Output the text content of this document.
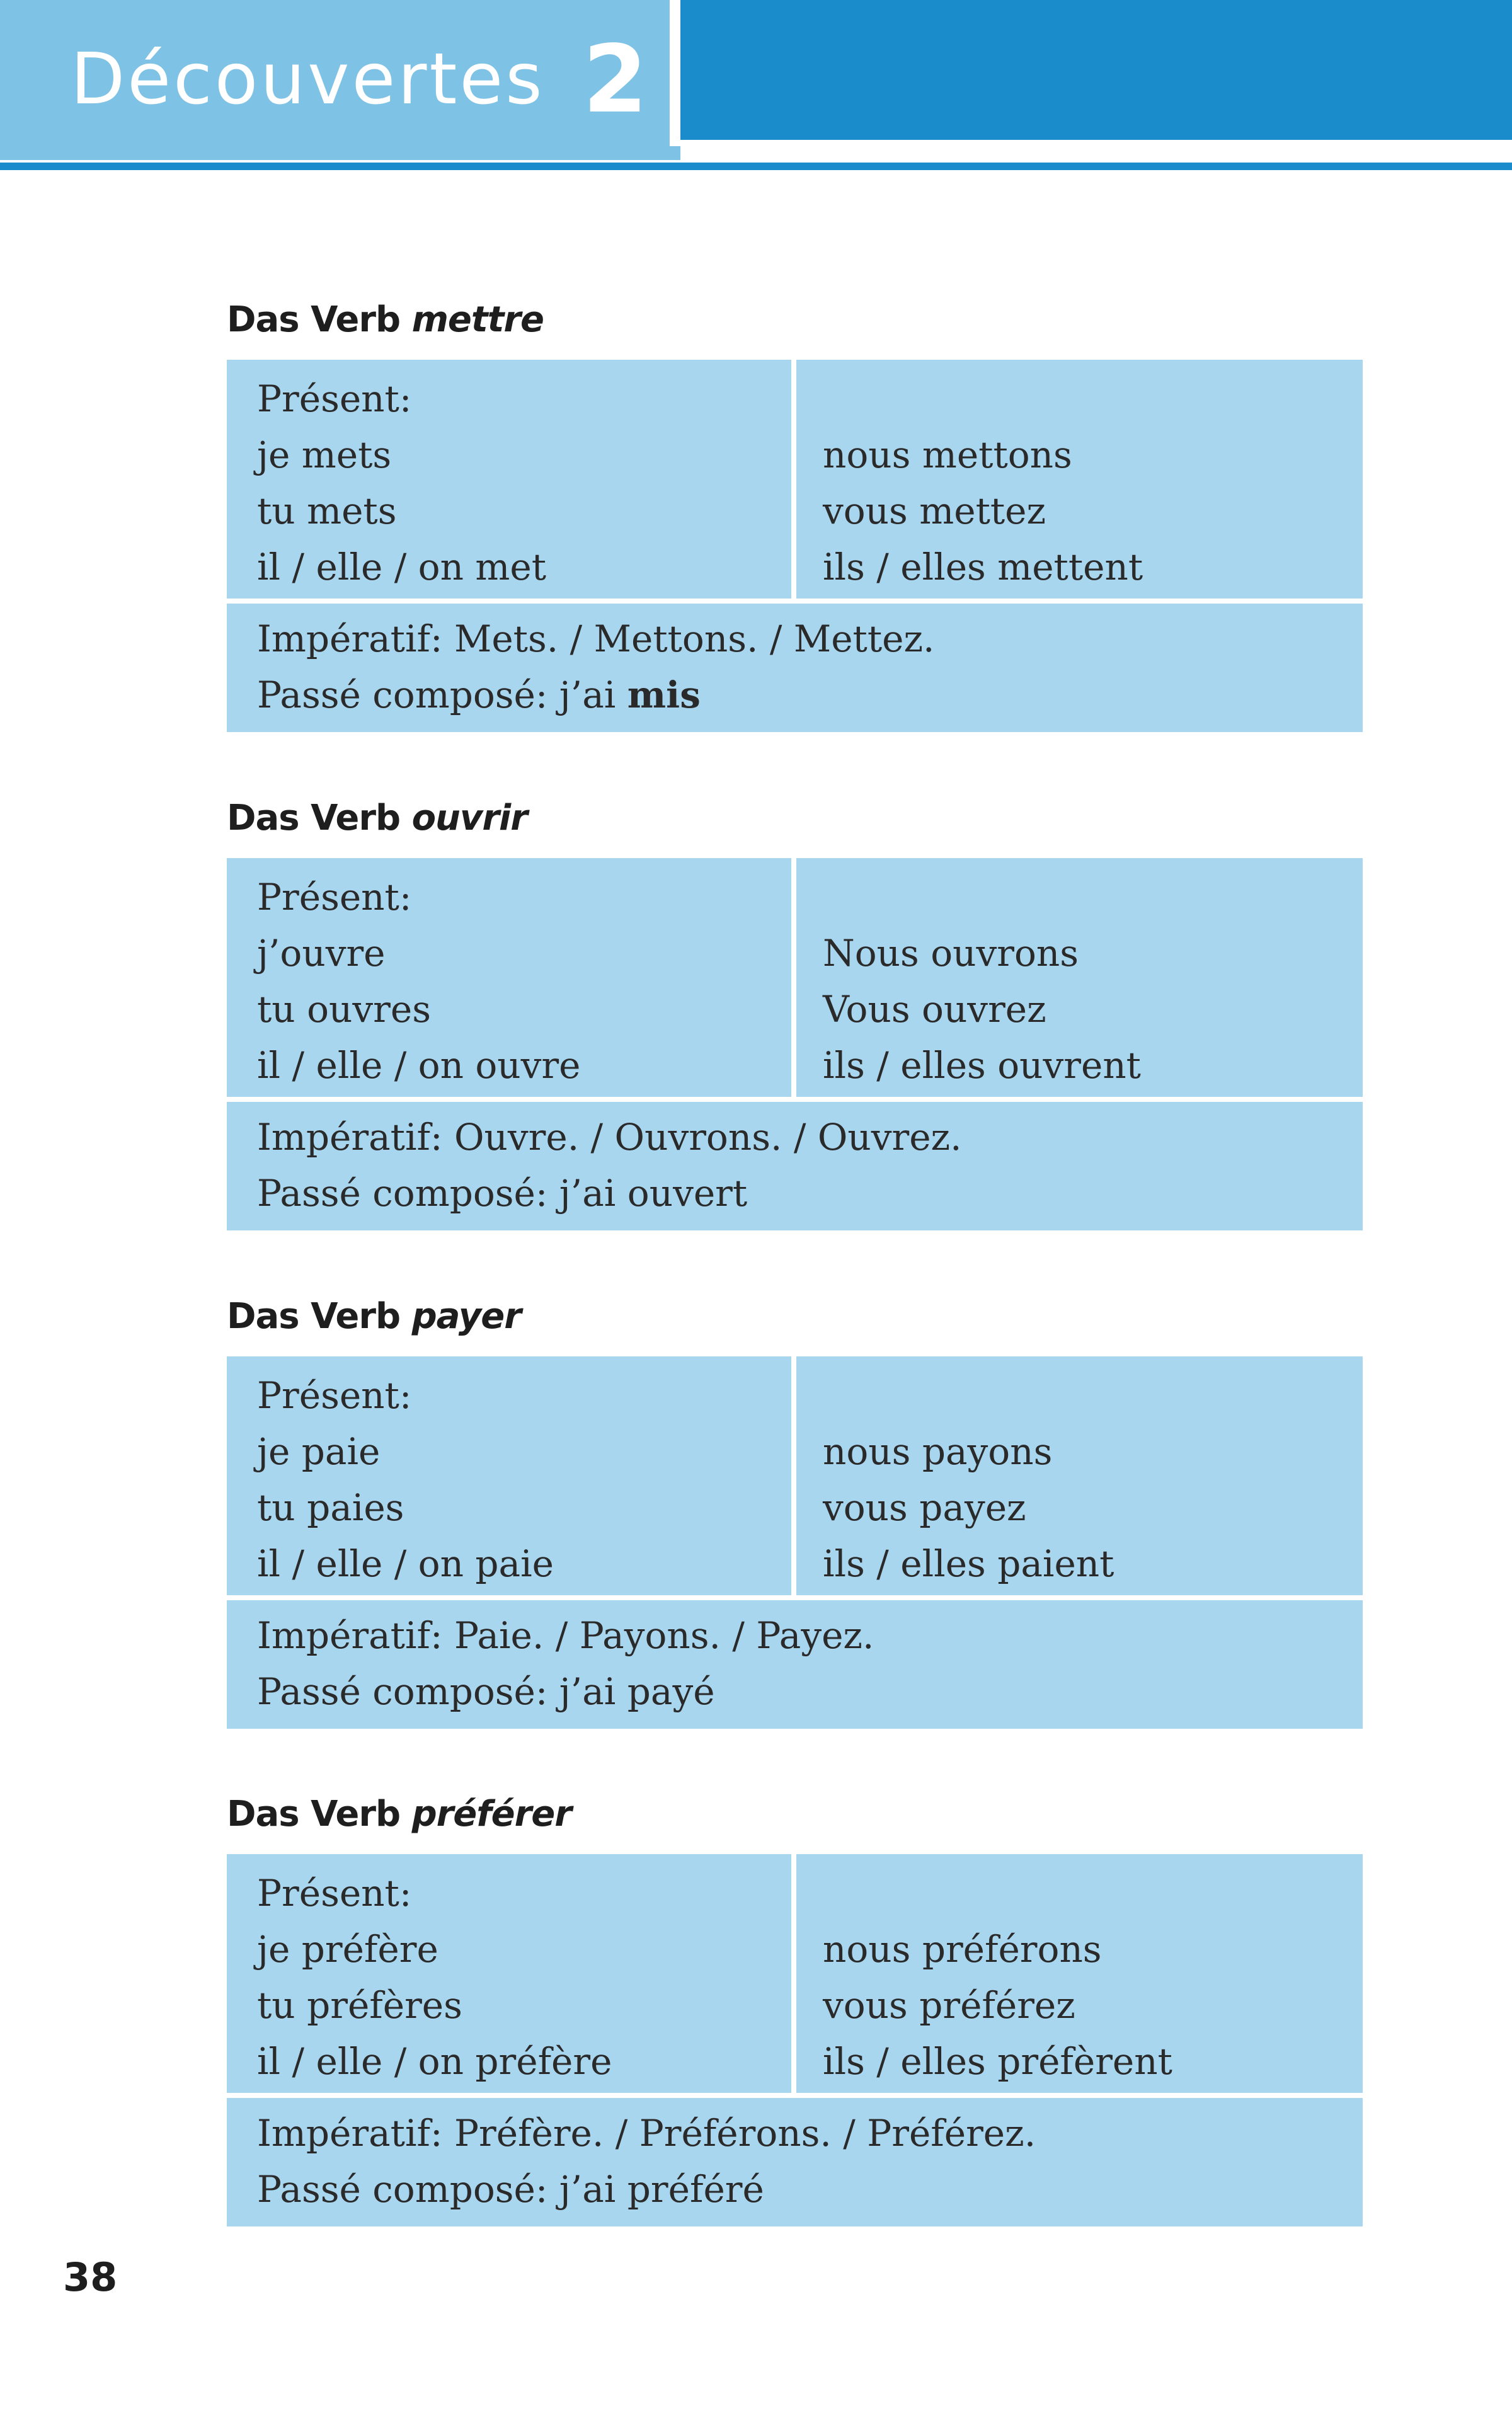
Découvertes 2
Das Verb mettre
Présent:
je mets
tu mets
il / elle / on met
nous mettons
vous mettez
ils / elles mettent
Impératif: Mets. / Mettons. / Mettez.
Passé composé: j’ai mis
Das Verb ouvrir
Présent:
j’ouvre
tu ouvres
il / elle / on ouvre
Nous ouvrons
Vous ouvrez
ils / elles ouvrent
Impératif: Ouvre. / Ouvrons. / Ouvrez.
Passé composé: j’ai ouvert
Das Verb payer
Présent:
je paie
tu paies
il / elle / on paie
nous payons
vous payez
ils / elles paient
Impératif: Paie. / Payons. / Payez.
Passé composé: j’ai payé
Das Verb préférer
Présent:
je préfère
tu préfères
il / elle / on préfère
nous préférons
vous préférez
ils / elles préfèrent
Impératif: Préfère. / Préférons. / Préférez.
Passé composé: j’ai préféré
38
